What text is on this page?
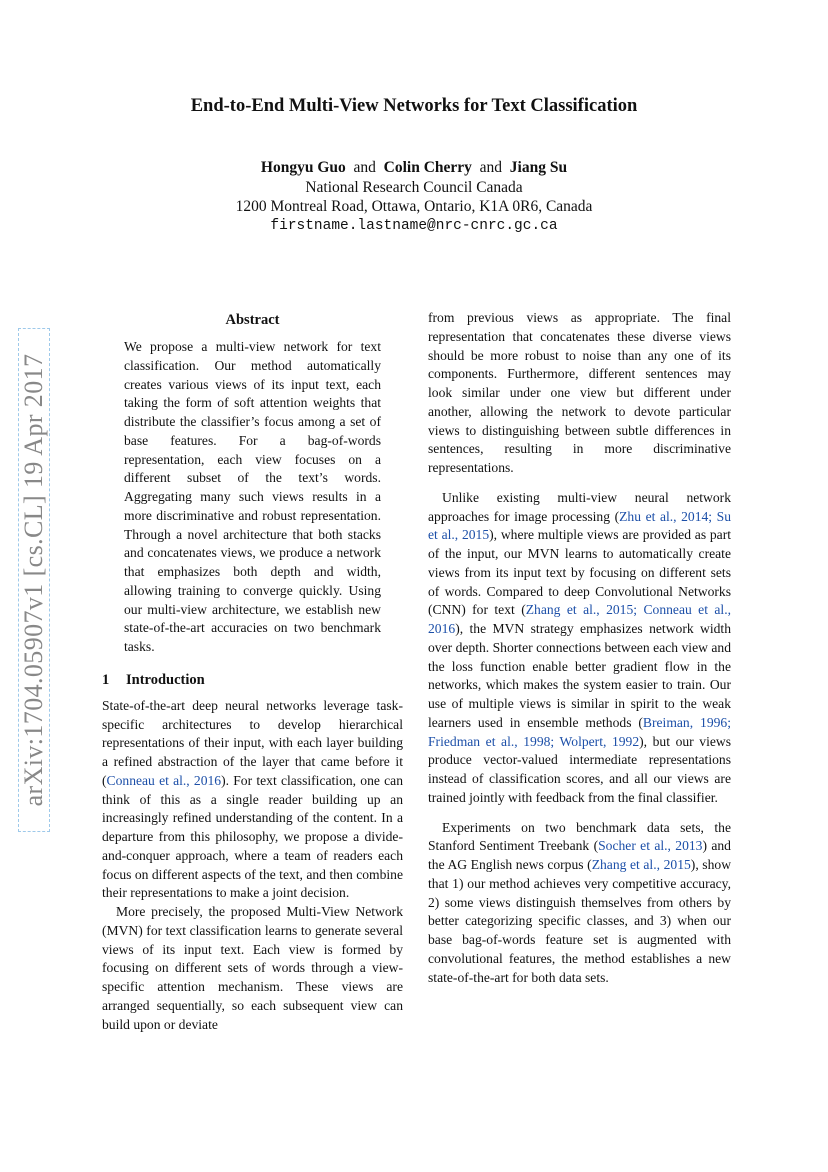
arXiv:1704.05907v1 [cs.CL] 19 Apr 2017
End-to-End Multi-View Networks for Text Classification
Hongyu Guo and Colin Cherry and Jiang Su
National Research Council Canada
1200 Montreal Road, Ottawa, Ontario, K1A 0R6, Canada
firstname.lastname@nrc-cnrc.gc.ca
Abstract

We propose a multi-view network for text classification. Our method automatically creates various views of its input text, each taking the form of soft attention weights that distribute the classifier’s focus among a set of base features. For a bag-of-words representation, each view focuses on a different subset of the text’s words. Aggregating many such views results in a more discriminative and robust representation. Through a novel architecture that both stacks and concatenates views, we produce a network that emphasizes both depth and width, allowing training to converge quickly. Using our multi-view architecture, we establish new state-of-the-art accuracies on two benchmark tasks.

1 Introduction

State-of-the-art deep neural networks leverage task-specific architectures to develop hierarchical representations of their input, with each layer building a refined abstraction of the layer that came before it (Conneau et al., 2016). For text classification, one can think of this as a single reader building up an increasingly refined understanding of the content. In a departure from this philosophy, we propose a divide-and-conquer approach, where a team of readers each focus on different aspects of the text, and then combine their representations to make a joint decision.

More precisely, the proposed Multi-View Network (MVN) for text classification learns to generate several views of its input text. Each view is formed by focusing on different sets of words through a view-specific attention mechanism. These views are arranged sequentially, so each subsequent view can build upon or deviate

from previous views as appropriate. The final representation that concatenates these diverse views should be more robust to noise than any one of its components. Furthermore, different sentences may look similar under one view but different under another, allowing the network to devote particular views to distinguishing between subtle differences in sentences, resulting in more discriminative representations.

Unlike existing multi-view neural network approaches for image processing (Zhu et al., 2014; Su et al., 2015), where multiple views are provided as part of the input, our MVN learns to automatically create views from its input text by focusing on different sets of words. Compared to deep Convolutional Networks (CNN) for text (Zhang et al., 2015; Conneau et al., 2016), the MVN strategy emphasizes network width over depth. Shorter connections between each view and the loss function enable better gradient flow in the networks, which makes the system easier to train. Our use of multiple views is similar in spirit to the weak learners used in ensemble methods (Breiman, 1996; Friedman et al., 1998; Wolpert, 1992), but our views produce vector-valued intermediate representations instead of classification scores, and all our views are trained jointly with feedback from the final classifier.

Experiments on two benchmark data sets, the Stanford Sentiment Treebank (Socher et al., 2013) and the AG English news corpus (Zhang et al., 2015), show that 1) our method achieves very competitive accuracy, 2) some views distinguish themselves from others by better categorizing specific classes, and 3) when our base bag-of-words feature set is augmented with convolutional features, the method establishes a new state-of-the-art for both data sets.
